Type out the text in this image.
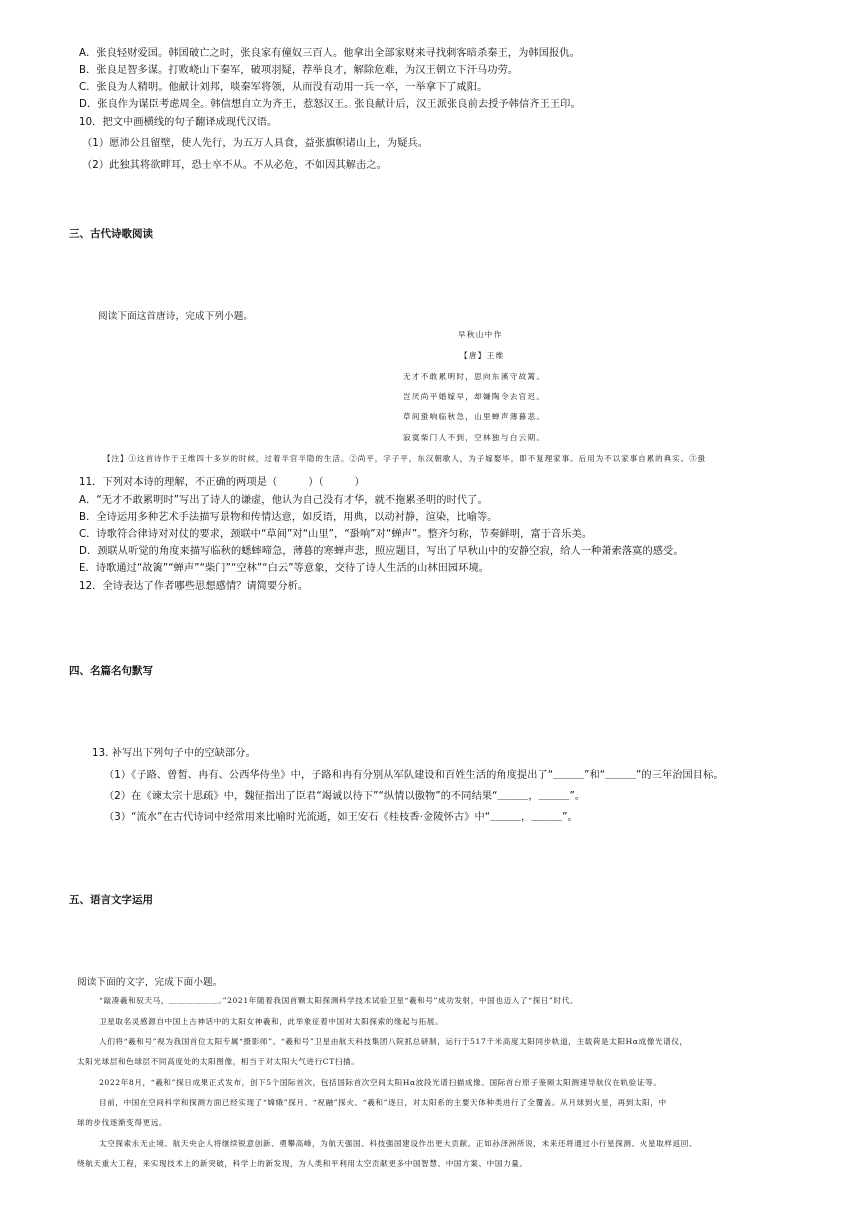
A．张良轻财爱国。韩国破亡之时，张良家有僮奴三百人。他拿出全部家财来寻找刺客暗杀秦王，为韩国报仇。
B．张良足智多谋。打败峣山下秦军，破项羽疑，荐举良才，解除危难，为汉王朝立下汗马功劳。
C．张良为人精明。他献计刘邦，啖秦军将领，从而没有动用一兵一卒，一举拿下了咸阳。
D．张良作为谋臣考虑周全。韩信想自立为齐王，惹怒汉王。张良献计后，汉王派张良前去授予韩信齐王王印。
10．把文中画横线的句子翻译成现代汉语。
（1）愿沛公且留壁，使人先行，为五万人具食，益张旗帜诸山上，为疑兵。
（2）此独其将欲畔耳，恐士卒不从。不从必危，不如因其解击之。
三、古代诗歌阅读
阅读下面这首唐诗，完成下列小题。
早秋山中作
【唐】王维
无才不敢累明时，思向东溪守故篱。
岂厌尚平婚嫁早，却嫌陶令去官迟。
草间蛩响临秋急，山里蝉声薄暮悲。
寂寞柴门人不到，空林独与白云期。
【注】①这首诗作于王维四十多岁的时候，过着半官半隐的生活。②尚平，字子平，东汉朝歌人，为子嫁娶毕，即不复理家事。后用为不以家事自累的典实。③蛩
11．下列对本诗的理解，不正确的两项是（　　　）（　　　）
A．“无才不敢累明时”写出了诗人的谦虚，他认为自己没有才华，就不拖累圣明的时代了。
B．全诗运用多种艺术手法描写景物和传情达意，如反语，用典，以动衬静，渲染，比喻等。
C．诗歌符合律诗对对仗的要求，颈联中“草间”对“山里”，“蛩响”对“蝉声”。整齐匀称，节奏鲜明，富于音乐美。
D．颈联从听觉的角度来描写临秋的蟋蟀啼急，薄暮的寒蝉声悲，照应题目，写出了早秋山中的安静空寂，给人一种萧索落寞的感受。
E．诗歌通过“故篱”“蝉声”“柴门”“空林”“白云”等意象，交待了诗人生活的山林田园环境。
12．全诗表达了作者哪些思想感情？请简要分析。
四、名篇名句默写
13. 补写出下列句子中的空缺部分。
（1）《子路、曾皙、冉有、公西华侍坐》中，子路和冉有分别从军队建设和百姓生活的角度提出了“＿＿＿”和“＿＿＿”的三年治国目标。
（2）在《谏太宗十思疏》中，魏征指出了臣君“竭诚以待下”“纵情以傲物”的不同结果“＿＿＿，＿＿＿”。
（3）“流水”在古代诗词中经常用来比喻时光流逝，如王安石《桂枝香·金陵怀古》中“＿＿＿，＿＿＿”。
五、语言文字运用
阅读下面的文字，完成下面小题。
“敲凑羲和驭天马，＿＿＿＿＿＿。”2021年随着我国首颗太阳探测科学技术试验卫星“羲和号”成功发射，中国也迈入了“探日”时代。
卫星取名灵感源自中国上古神话中的太阳女神羲和，此举象征着中国对太阳探索的缘起与拓展。
人们将“羲和号”视为我国首位太阳专属“摄影师”。“羲和号”卫星由航天科技集团八院抓总研制，运行于517千米高度太阳同步轨道，主载荷是太阳Hα成像光谱仪，
太阳光球层和色球层不同高度处的太阳图像，相当于对太阳大气进行CT扫描。
2022年8月，“羲和”探日成果正式发布，创下5个国际首次，包括国际首次空间太阳Hα波段光谱扫描成像、国际首台原子鉴频太阳测速导航仪在轨验证等。
目前，中国在空间科学和探测方面已经实现了“嫦娥”探月、“祝融”探火、“羲和”逐日，对太阳系的主要天体种类进行了全覆盖。从月球到火星，再到太阳，中
球的步伐逐渐变得更远。
太空探索永无止境。航天央企人将继续锐意创新、勇攀高峰，为航天强国、科技强国建设作出更大贡献。正如孙泽洲所说，未来还将通过小行星探测、火星取样返回、
绕航天重大工程，来实现技术上的新突破，科学上的新发现，为人类和平利用太空贡献更多中国智慧、中国方案、中国力量。
